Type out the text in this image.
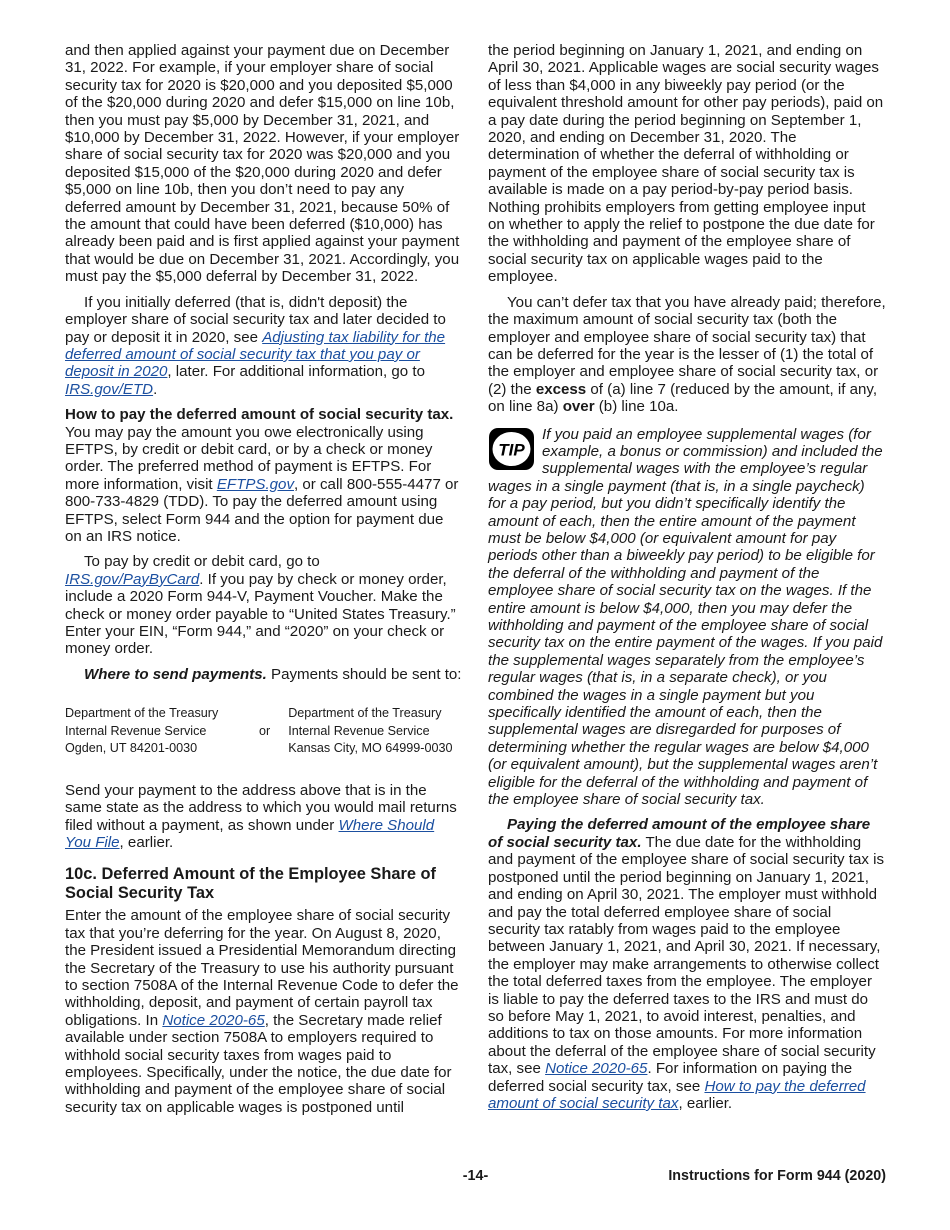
and then applied against your payment due on December 31, 2022. For example, if your employer share of social security tax for 2020 is $20,000 and you deposited $5,000 of the $20,000 during 2020 and defer $15,000 on line 10b, then you must pay $5,000 by December 31, 2021, and $10,000 by December 31, 2022. However, if your employer share of social security tax for 2020 was $20,000 and you deposited $15,000 of the $20,000 during 2020 and defer $5,000 on line 10b, then you don’t need to pay any deferred amount by December 31, 2021, because 50% of the amount that could have been deferred ($10,000) has already been paid and is first applied against your payment that would be due on December 31, 2021. Accordingly, you must pay the $5,000 deferral by December 31, 2022.

If you initially deferred (that is, didn't deposit) the employer share of social security tax and later decided to pay or deposit it in 2020, see Adjusting tax liability for the deferred amount of social security tax that you pay or deposit in 2020, later. For additional information, go to IRS.gov/ETD.

How to pay the deferred amount of social security tax. You may pay the amount you owe electronically using EFTPS, by credit or debit card, or by a check or money order. The preferred method of payment is EFTPS. For more information, visit EFTPS.gov, or call 800-555-4477 or 800-733-4829 (TDD). To pay the deferred amount using EFTPS, select Form 944 and the option for payment due on an IRS notice.

To pay by credit or debit card, go to IRS.gov/PayByCard. If you pay by check or money order, include a 2020 Form 944-V, Payment Voucher. Make the check or money order payable to “United States Treasury.” Enter your EIN, “Form 944,” and “2020” on your check or money order.

Where to send payments. Payments should be sent to:

Department of the Treasury
Internal Revenue Service
Ogden, UT 84201-0030
	or	
Department of the Treasury
Internal Revenue Service
Kansas City, MO 64999-0030

Send your payment to the address above that is in the same state as the address to which you would mail returns filed without a payment, as shown under Where Should You File, earlier.

10c. Deferred Amount of the Employee Share of Social Security Tax

Enter the amount of the employee share of social security tax that you’re deferring for the year. On August 8, 2020, the President issued a Presidential Memorandum directing the Secretary of the Treasury to use his authority pursuant to section 7508A of the Internal Revenue Code to defer the withholding, deposit, and payment of certain payroll tax obligations. In Notice 2020-65, the Secretary made relief available under section 7508A to employers required to withhold social security taxes from wages paid to employees. Specifically, under the notice, the due date for withholding and payment of the employee share of social security tax on applicable wages is postponed until

the period beginning on January 1, 2021, and ending on April 30, 2021. Applicable wages are social security wages of less than $4,000 in any biweekly pay period (or the equivalent threshold amount for other pay periods), paid on a pay date during the period beginning on September 1, 2020, and ending on December 31, 2020. The determination of whether the deferral of withholding or payment of the employee share of social security tax is available is made on a pay period-by-pay period basis. Nothing prohibits employers from getting employee input on whether to apply the relief to postpone the due date for the withholding and payment of the employee share of social security tax on applicable wages paid to the employee.

You can’t defer tax that you have already paid; therefore, the maximum amount of social security tax (both the employer and employee share of social security tax) that can be deferred for the year is the lesser of (1) the total of the employer and employee share of social security tax, or (2) the excess of (a) line 7 (reduced by the amount, if any, on line 8a) over (b) line 10a.

TIP
If you paid an employee supplemental wages (for example, a bonus or commission) and included the supplemental wages with the employee’s regular wages in a single payment (that is, in a single paycheck) for a pay period, but you didn’t specifically identify the amount of each, then the entire amount of the payment must be below $4,000 (or equivalent amount for pay periods other than a biweekly pay period) to be eligible for the deferral of the withholding and payment of the employee share of social security tax on the wages. If the entire amount is below $4,000, then you may defer the withholding and payment of the employee share of social security tax on the entire payment of the wages. If you paid the supplemental wages separately from the employee’s regular wages (that is, in a separate check), or you combined the wages in a single payment but you specifically identified the amount of each, then the supplemental wages are disregarded for purposes of determining whether the regular wages are below $4,000 (or equivalent amount), but the supplemental wages aren’t eligible for the deferral of the withholding and payment of the employee share of social security tax.

Paying the deferred amount of the employee share of social security tax. The due date for the withholding and payment of the employee share of social security tax is postponed until the period beginning on January 1, 2021, and ending on April 30, 2021. The employer must withhold and pay the total deferred employee share of social security tax ratably from wages paid to the employee between January 1, 2021, and April 30, 2021. If necessary, the employer may make arrangements to otherwise collect the total deferred taxes from the employee. The employer is liable to pay the deferred taxes to the IRS and must do so before May 1, 2021, to avoid interest, penalties, and additions to tax on those amounts. For more information about the deferral of the employee share of social security tax, see Notice 2020-65. For information on paying the deferred social security tax, see How to pay the deferred amount of social security tax, earlier.

-14-	Instructions for Form 944 (2020)
